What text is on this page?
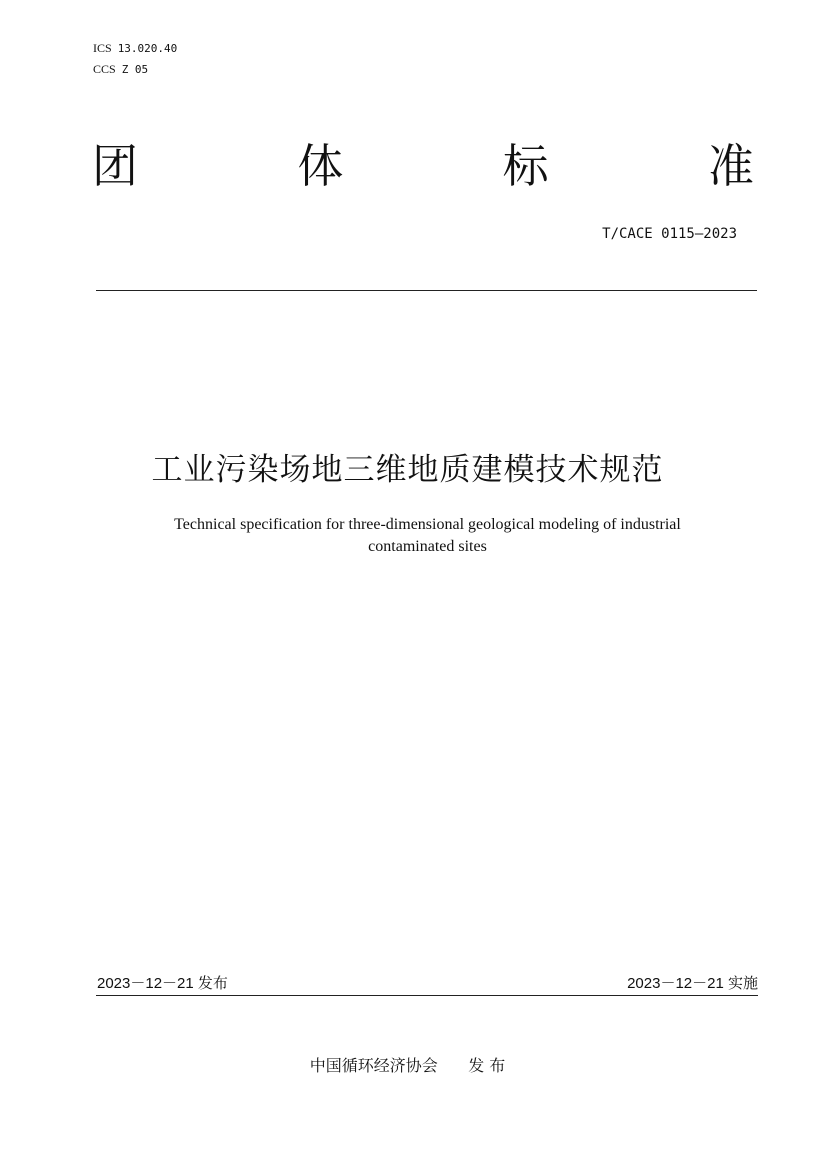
ICS 13.020.40
CCS Z 05
团	体	标	准
T/CACE 0115—2023
工业污染场地三维地质建模技术规范
Technical specification for three-dimensional geological modeling of industrial
contaminated sites
2023－12－21 发布	2023－12－21 实施
中国循环经济协会 发 布
